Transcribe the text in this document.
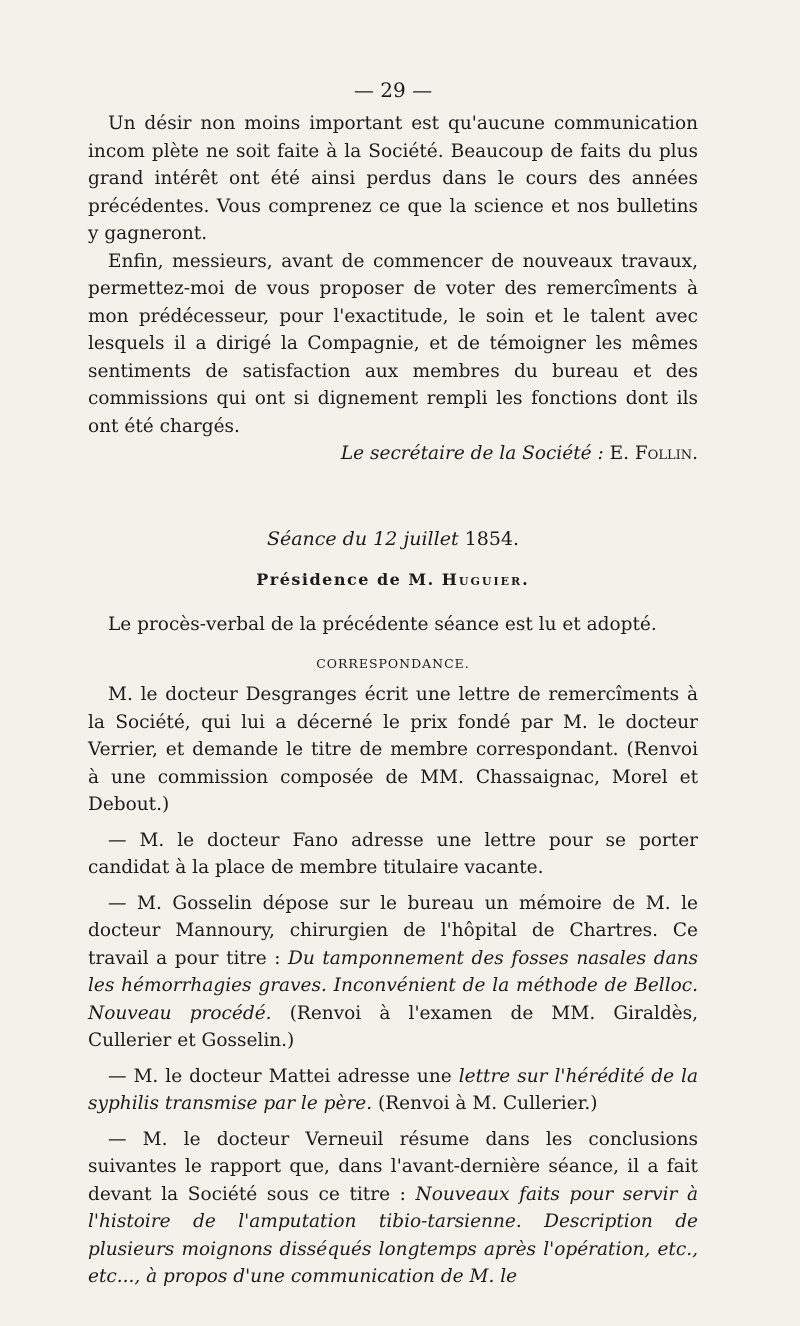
— 29 —

Un désir non moins important est qu'aucune communication incom plète ne soit faite à la Société. Beaucoup de faits du plus grand intérêt ont été ainsi perdus dans le cours des années précédentes. Vous comprenez ce que la science et nos bulletins y gagneront.

Enfin, messieurs, avant de commencer de nouveaux travaux, permettez-moi de vous proposer de voter des remercîments à mon prédécesseur, pour l'exactitude, le soin et le talent avec lesquels il a dirigé la Compagnie, et de témoigner les mêmes sentiments de satisfaction aux membres du bureau et des commissions qui ont si dignement rempli les fonctions dont ils ont été chargés.

Le secrétaire de la Société : E. Follin.
Séance du 12 juillet 1854.
Présidence de M. Huguier.

Le procès-verbal de la précédente séance est lu et adopté.

CORRESPONDANCE.

M. le docteur Desgranges écrit une lettre de remercîments à la Société, qui lui a décerné le prix fondé par M. le docteur Verrier, et demande le titre de membre correspondant. (Renvoi à une commission composée de MM. Chassaignac, Morel et Debout.)

— M. le docteur Fano adresse une lettre pour se porter candidat à la place de membre titulaire vacante.

— M. Gosselin dépose sur le bureau un mémoire de M. le docteur Mannoury, chirurgien de l'hôpital de Chartres. Ce travail a pour titre : Du tamponnement des fosses nasales dans les hémorrhagies graves. Inconvénient de la méthode de Belloc. Nouveau procédé. (Renvoi à l'examen de MM. Giraldès, Cullerier et Gosselin.)

— M. le docteur Mattei adresse une lettre sur l'hérédité de la syphilis transmise par le père. (Renvoi à M. Cullerier.)

— M. le docteur Verneuil résume dans les conclusions suivantes le rapport que, dans l'avant-dernière séance, il a fait devant la Société sous ce titre : Nouveaux faits pour servir à l'histoire de l'amputation tibio-tarsienne. Description de plusieurs moignons disséqués longtemps après l'opération, etc., etc..., à propos d'une communication de M. le
